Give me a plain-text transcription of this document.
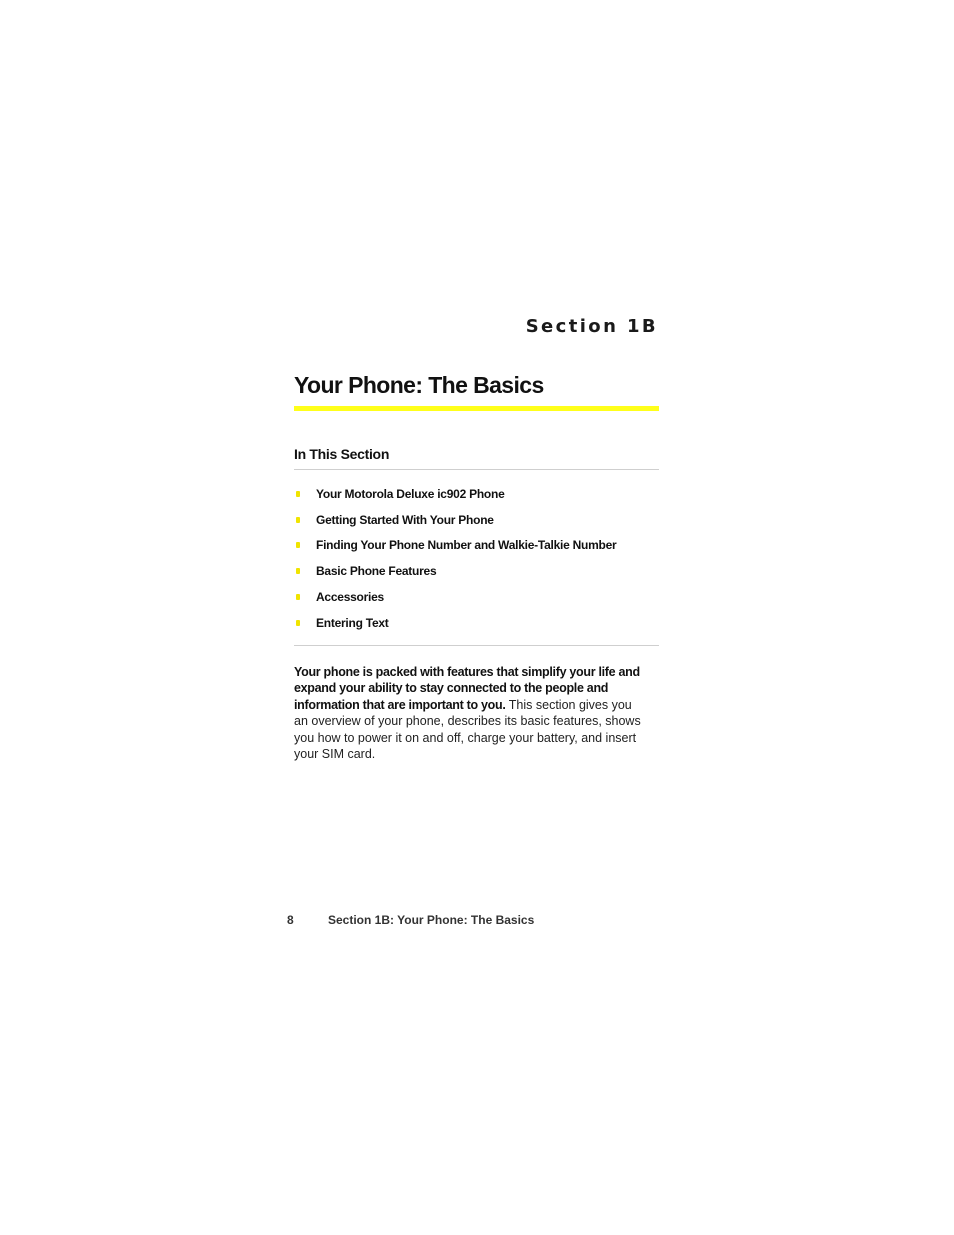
Section 1B
Your Phone: The Basics
In This Section
Your Motorola Deluxe ic902 Phone
Getting Started With Your Phone
Finding Your Phone Number and Walkie-Talkie Number
Basic Phone Features
Accessories
Entering Text

Your phone is packed with features that simplify your life and expand your ability to stay connected to the people and information that are important to you. This section gives you an overview of your phone, describes its basic features, shows you how to power it on and off, charge your battery, and insert your SIM card.

8	Section 1B: Your Phone: The Basics
